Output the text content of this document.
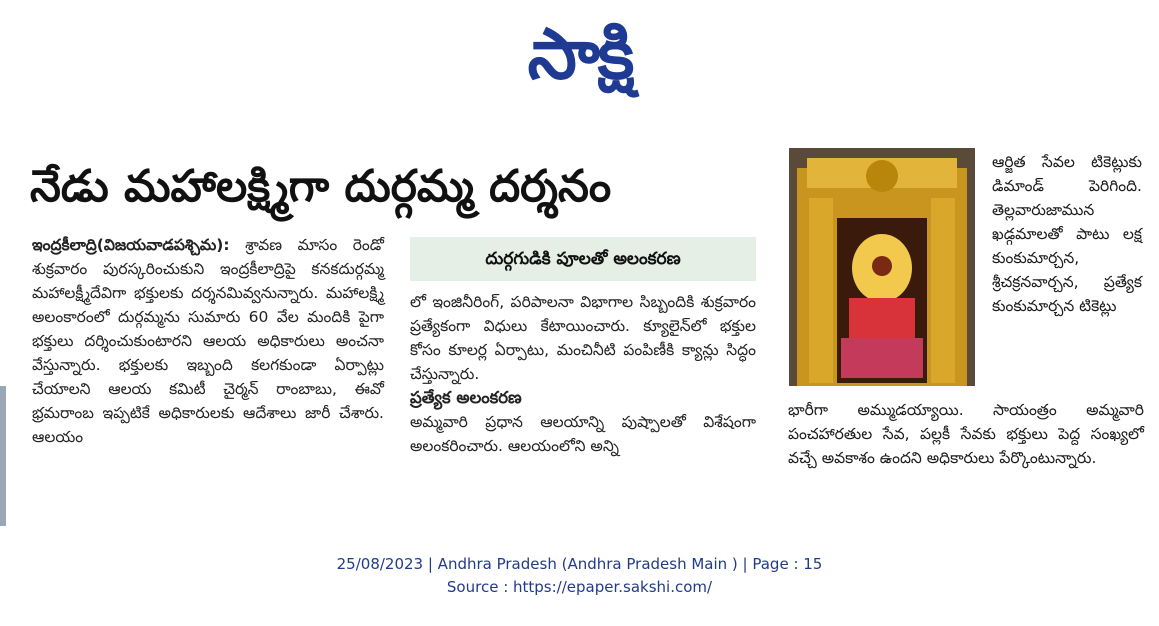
సాక్షి
నేడు మహాలక్ష్మిగా దుర్గమ్మ దర్శనం

ఇంద్రకీలాద్రి(విజయవాడపశ్చిమ): శ్రావణ మాసం రెండో శుక్రవారం పురస్కరించుకుని ఇంద్రకీలాద్రిపై కనకదుర్గమ్మ మహాలక్ష్మీదేవిగా భక్తులకు దర్శనమివ్వనున్నారు. మహాలక్ష్మి అలంకారంలో దుర్గమ్మను సుమారు 60 వేల మందికి పైగా భక్తులు దర్శించుకుంటారని ఆలయ అధికారులు అంచనా వేస్తున్నారు. భక్తులకు ఇబ్బంది కలగకుండా ఏర్పాట్లు చేయాలని ఆలయ కమిటీ చైర్మన్ రాంబాబు, ఈవో భ్రమరాంబ ఇప్పటికే అధికారులకు ఆదేశాలు జారీ చేశారు. ఆలయం

దుర్గగుడికి పూలతో అలంకరణ

లో ఇంజినీరింగ్, పరిపాలనా విభాగాల సిబ్బందికి శుక్రవారం ప్రత్యేకంగా విధులు కేటాయించారు. క్యూలైన్‌లో భక్తుల కోసం కూలర్ల ఏర్పాటు, మంచినీటి పంపిణీకి క్యాన్లు సిద్ధం చేస్తున్నారు.

ప్రత్యేక అలంకరణ

అమ్మవారి ప్రధాన ఆలయాన్ని పుష్పాలతో విశేషంగా అలంకరించారు. ఆలయంలోని అన్ని

ఆర్జిత సేవల టికెట్లుకు డిమాండ్ పెరిగింది. తెల్లవారుజామున ఖడ్గమాలతో పాటు లక్ష కుంకుమార్చన, శ్రీచక్రనవార్చన, ప్రత్యేక కుంకుమార్చన టికెట్లు
భారీగా అమ్ముడయ్యాయి. సాయంత్రం అమ్మవారి పంచహారతుల సేవ, పల్లకీ సేవకు భక్తులు పెద్ద సంఖ్యలో వచ్చే అవకాశం ఉందని అధికారులు పేర్కొంటున్నారు.
25/08/2023 | Andhra Pradesh (Andhra Pradesh Main ) | Page : 15
Source : https://epaper.sakshi.com/
